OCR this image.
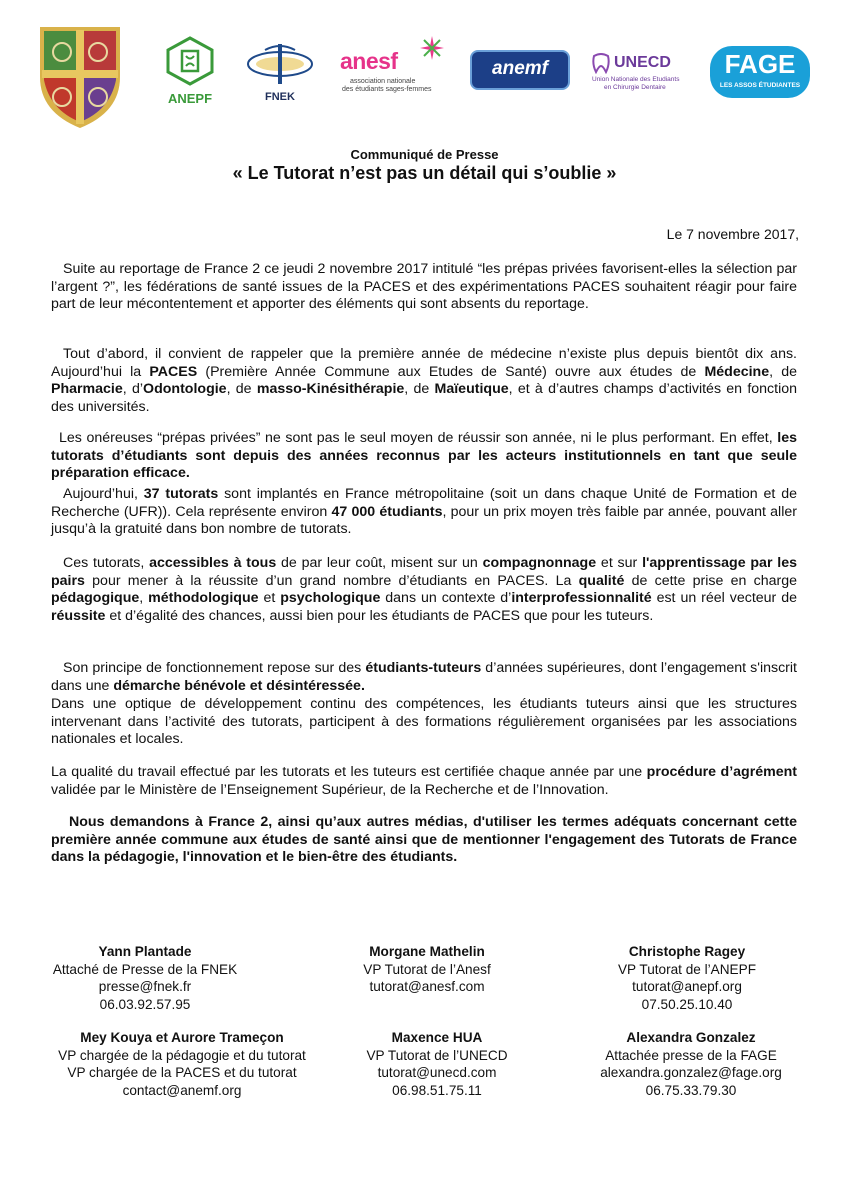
ANEPF	FNEK
anesf
association nationale
des étudiants sages-femmes
anemf	UNECD
Union Nationale des Etudiants
en Chirurgie Dentaire
FAGE
LES ASSOS ÉTUDIANTES
Communiqué de Presse
« Le Tutorat n’est pas un détail qui s’oublie »
Le 7 novembre 2017,

Suite au reportage de France 2 ce jeudi 2 novembre 2017 intitulé “les prépas privées favorisent-elles la sélection par l’argent ?”, les fédérations de santé issues de la PACES et des expérimentations PACES souhaitent réagir pour faire part de leur mécontentement et apporter des éléments qui sont absents du reportage.

Tout d’abord, il convient de rappeler que la première année de médecine n’existe plus depuis bientôt dix ans. Aujourd’hui la PACES (Première Année Commune aux Etudes de Santé) ouvre aux études de Médecine, de Pharmacie, d’Odontologie, de masso-Kinésithérapie, de Maïeutique, et à d’autres champs d’activités en fonction des universités.

Les onéreuses “prépas privées” ne sont pas le seul moyen de réussir son année, ni le plus performant. En effet, les tutorats d’étudiants sont depuis des années reconnus par les acteurs institutionnels en tant que seule préparation efficace.

Aujourd’hui, 37 tutorats sont implantés en France métropolitaine (soit un dans chaque Unité de Formation et de Recherche (UFR)). Cela représente environ 47 000 étudiants, pour un prix moyen très faible par année, pouvant aller jusqu’à la gratuité dans bon nombre de tutorats.

Ces tutorats, accessibles à tous de par leur coût, misent sur un compagnonnage et sur l'apprentissage par les pairs pour mener à la réussite d’un grand nombre d’étudiants en PACES. La qualité de cette prise en charge pédagogique, méthodologique et psychologique dans un contexte d’interprofessionnalité est un réel vecteur de réussite et d’égalité des chances, aussi bien pour les étudiants de PACES que pour les tuteurs.

Son principe de fonctionnement repose sur des étudiants-tuteurs d’années supérieures, dont l’engagement s'inscrit dans une démarche bénévole et désintéressée.

Dans une optique de développement continu des compétences, les étudiants tuteurs ainsi que les structures intervenant dans l’activité des tutorats, participent à des formations régulièrement organisées par les associations nationales et locales.

La qualité du travail effectué par les tutorats et les tuteurs est certifiée chaque année par une procédure d’agrément validée par le Ministère de l’Enseignement Supérieur, de la Recherche et de l’Innovation.

Nous demandons à France 2, ainsi qu’aux autres médias, d'utiliser les termes adéquats concernant cette première année commune aux études de santé ainsi que de mentionner l'engagement des Tutorats de France dans la pédagogie, l'innovation et le bien-être des étudiants.

Yann Plantade
Attaché de Presse de la FNEK
presse@fnek.fr
06.03.92.57.95
Morgane Mathelin
VP Tutorat de l’Anesf
tutorat@anesf.com
Christophe Ragey
VP Tutorat de l’ANEPF
tutorat@anepf.org
07.50.25.10.40
Mey Kouya et Aurore Trameçon
VP chargée de la pédagogie et du tutorat
VP chargée de la PACES et du tutorat
contact@anemf.org
Maxence HUA
VP Tutorat de l’UNECD
tutorat@unecd.com
06.98.51.75.11
Alexandra Gonzalez
Attachée presse de la FAGE
alexandra.gonzalez@fage.org
06.75.33.79.30
